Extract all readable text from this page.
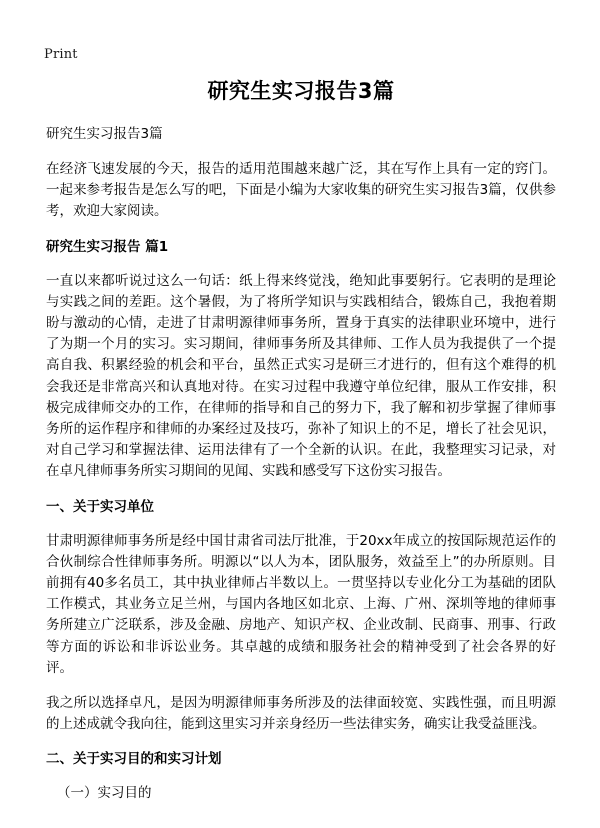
Print
研究生实习报告3篇
研究生实习报告3篇

在经济飞速发展的今天，报告的适用范围越来越广泛，其在写作上具有一定的窍门。一起来参考报告是怎么写的吧，下面是小编为大家收集的研究生实习报告3篇，仅供参考，欢迎大家阅读。

研究生实习报告 篇1

一直以来都听说过这么一句话：纸上得来终觉浅，绝知此事要躬行。它表明的是理论与实践之间的差距。这个暑假，为了将所学知识与实践相结合，锻炼自己，我抱着期盼与激动的心情，走进了甘肃明源律师事务所，置身于真实的法律职业环境中，进行了为期一个月的实习。实习期间，律师事务所及其律师、工作人员为我提供了一个提高自我、积累经验的机会和平台，虽然正式实习是研三才进行的，但有这个难得的机会我还是非常高兴和认真地对待。在实习过程中我遵守单位纪律，服从工作安排，积极完成律师交办的工作，在律师的指导和自己的努力下，我了解和初步掌握了律师事务所的运作程序和律师的办案经过及技巧，弥补了知识上的不足，增长了社会见识，对自己学习和掌握法律、运用法律有了一个全新的认识。在此，我整理实习记录，对在卓凡律师事务所实习期间的见闻、实践和感受写下这份实习报告。

一、关于实习单位

甘肃明源律师事务所是经中国甘肃省司法厅批准，于20xx年成立的按国际规范运作的合伙制综合性律师事务所。明源以“以人为本，团队服务，效益至上”的办所原则。目前拥有40多名员工，其中执业律师占半数以上。一贯坚持以专业化分工为基础的团队工作模式，其业务立足兰州，与国内各地区如北京、上海、广州、深圳等地的律师事务所建立广泛联系，涉及金融、房地产、知识产权、企业改制、民商事、刑事、行政等方面的诉讼和非诉讼业务。其卓越的成绩和服务社会的精神受到了社会各界的好评。

我之所以选择卓凡，是因为明源律师事务所涉及的法律面较宽、实践性强，而且明源的上述成就令我向往，能到这里实习并亲身经历一些法律实务，确实让我受益匪浅。

二、关于实习目的和实习计划
（一）实习目的
